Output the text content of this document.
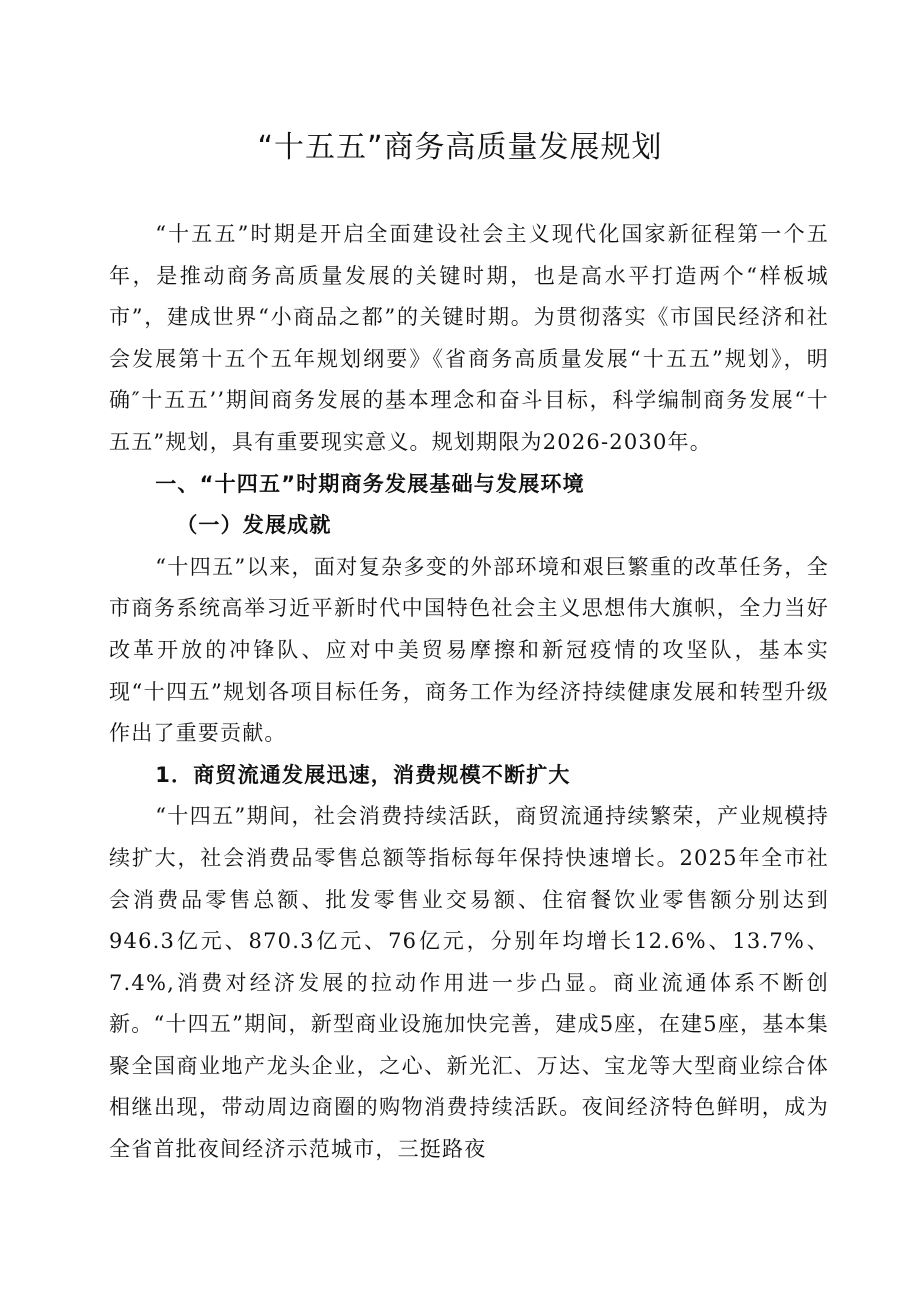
“十五五”商务高质量发展规划

“十五五”时期是开启全面建设社会主义现代化国家新征程第一个五年，是推动商务高质量发展的关键时期，也是高水平打造两个“样板城市”，建成世界“小商品之都”的关键时期。为贯彻落实《市国民经济和社会发展第十五个五年规划纲要》《省商务高质量发展“十五五”规划》，明确″十五五’’期间商务发展的基本理念和奋斗目标，科学编制商务发展“十五五”规划，具有重要现实意义。规划期限为2026-2030年。

一、“十四五”时期商务发展基础与发展环境
（一）发展成就

“十四五”以来，面对复杂多变的外部环境和艰巨繁重的改革任务，全市商务系统高举习近平新时代中国特色社会主义思想伟大旗帜，全力当好改革开放的冲锋队、应对中美贸易摩擦和新冠疫情的攻坚队，基本实现“十四五”规划各项目标任务，商务工作为经济持续健康发展和转型升级作出了重要贡献。

1．商贸流通发展迅速，消费规模不断扩大

“十四五”期间，社会消费持续活跃，商贸流通持续繁荣，产业规模持续扩大，社会消费品零售总额等指标每年保持快速增长。2025年全市社会消费品零售总额、批发零售业交易额、住宿餐饮业零售额分别达到946.3亿元、870.3亿元、76亿元，分别年均增长12.6%、13.7%、7.4%,消费对经济发展的拉动作用进一步凸显。商业流通体系不断创新。“十四五”期间，新型商业设施加快完善，建成5座，在建5座，基本集聚全国商业地产龙头企业，之心、新光汇、万达、宝龙等大型商业综合体相继出现，带动周边商圈的购物消费持续活跃。夜间经济特色鲜明，成为全省首批夜间经济示范城市，三挺路夜
